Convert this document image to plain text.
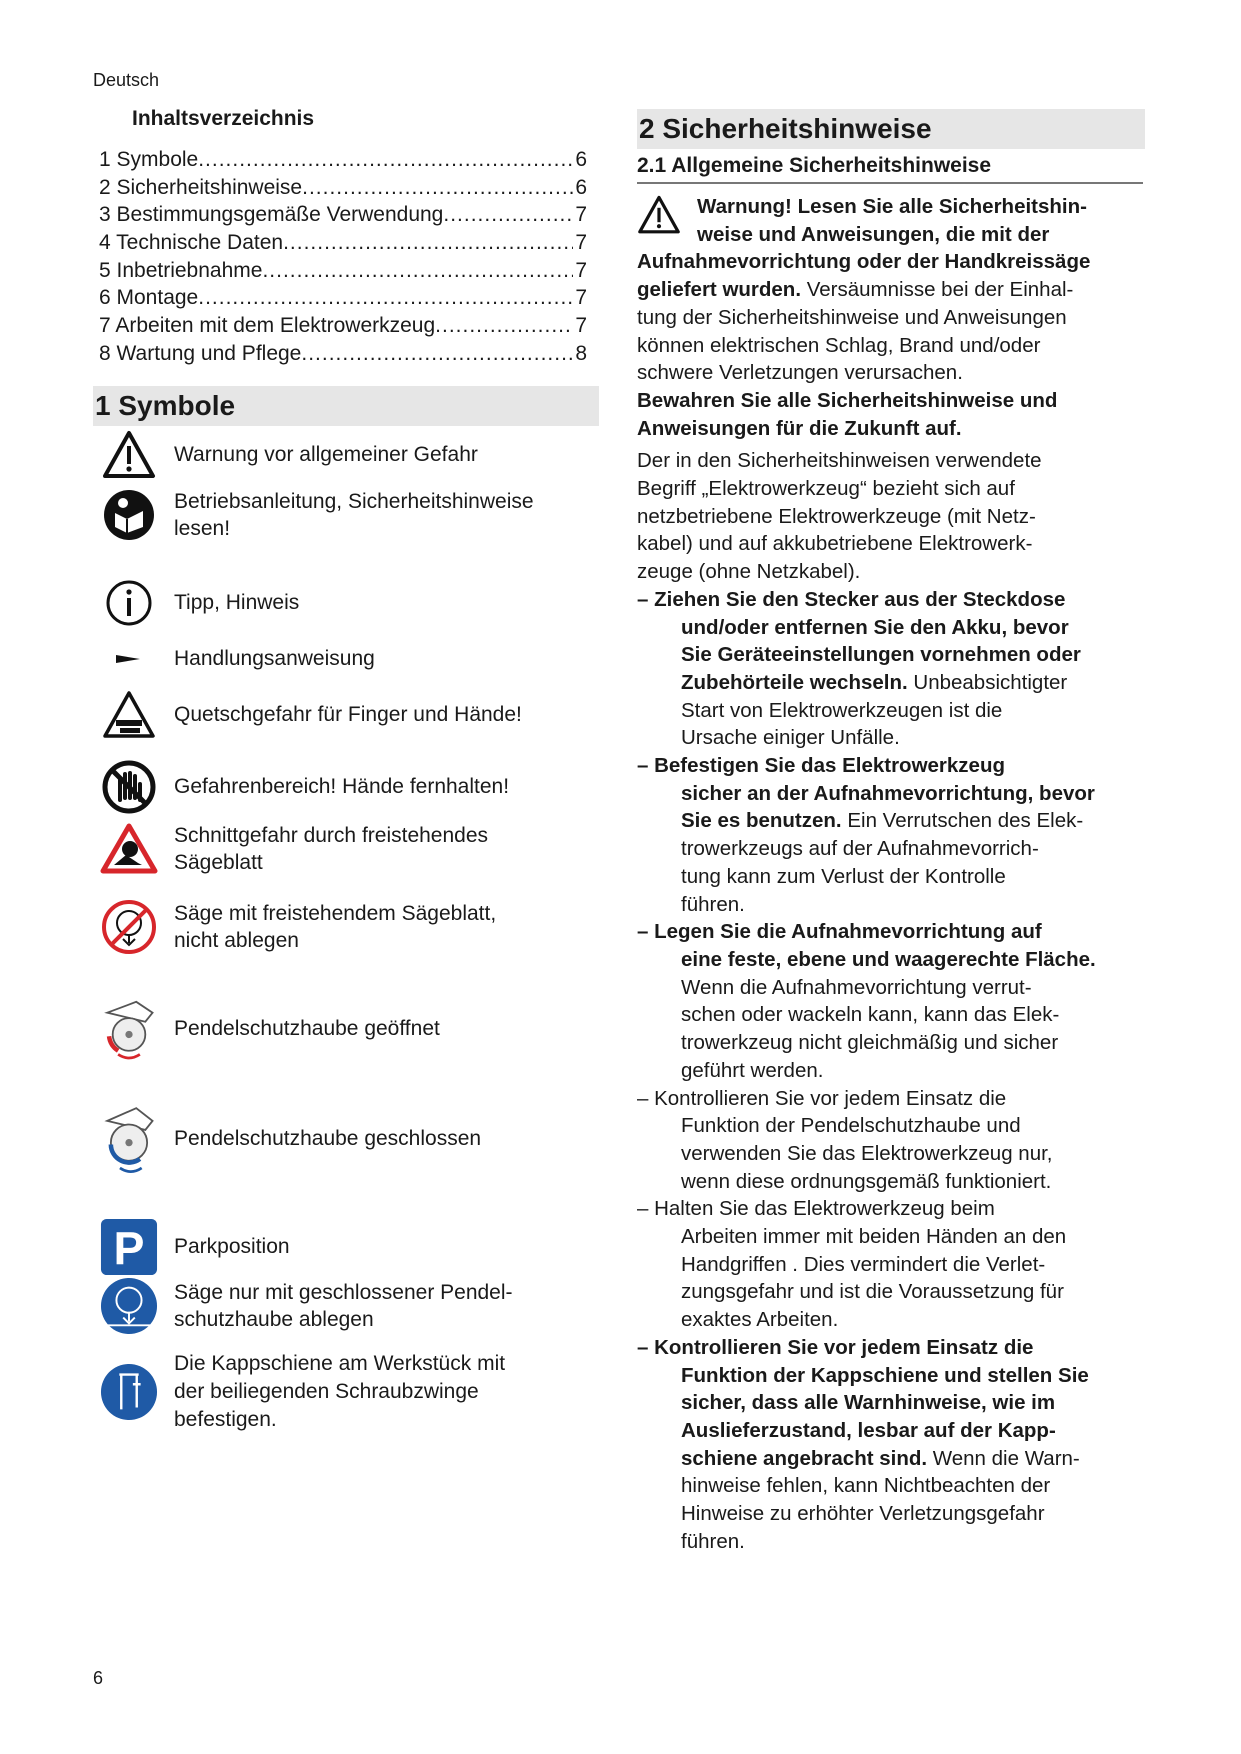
Deutsch
Inhaltsverzeichnis
1 Symbole .....	6
2 Sicherheitshinweise .....	6
3 Bestimmungsgemäße Verwendung .....	7
4 Technische Daten .....	7
5 Inbetriebnahme .....	7
6 Montage .....	7
7 Arbeiten mit dem Elektrowerkzeug .....	7
8 Wartung und Pflege .....	8
1 Symbole
Warnung vor allgemeiner Gefahr
Betriebsanleitung, Sicherheitshinweise
lesen!
Tipp, Hinweis
Handlungsanweisung
Quetschgefahr für Finger und Hände!
Gefahrenbereich! Hände fernhalten!
Schnittgefahr durch freistehendes
Sägeblatt
Säge mit freistehendem Sägeblatt,
nicht ablegen
Pendelschutzhaube geöffnet
Pendelschutzhaube geschlossen
P Parkposition
Säge nur mit geschlossener Pendel-
schutzhaube ablegen
Die Kappschiene am Werkstück mit
der beiliegenden Schraubzwinge
befestigen.
2 Sicherheitshinweise
2.1 Allgemeine Sicherheitshinweise
Warnung! Lesen Sie alle Sicherheitshin-
weise und Anweisungen, die mit der
Aufnahmevorrichtung oder der Handkreissäge
geliefert wurden. Versäumnisse bei der Einhal-
tung der Sicherheitshinweise und Anweisungen
können elektrischen Schlag, Brand und/oder
schwere Verletzungen verursachen.
Bewahren Sie alle Sicherheitshinweise und
Anweisungen für die Zukunft auf.
Der in den Sicherheitshinweisen verwendete
Begriff „Elektrowerkzeug“ bezieht sich auf
netzbetriebene Elektrowerkzeuge (mit Netz-
kabel) und auf akkubetriebene Elektrowerk-
zeuge (ohne Netzkabel).
– Ziehen Sie den Stecker aus der Steckdose
und/oder entfernen Sie den Akku, bevor
Sie Geräteeinstellungen vornehmen oder
Zubehörteile wechseln. Unbeabsichtigter
Start von Elektrowerkzeugen ist die
Ursache einiger Unfälle.
– Befestigen Sie das Elektrowerkzeug
sicher an der Aufnahmevorrichtung, bevor
Sie es benutzen. Ein Verrutschen des Elek-
trowerkzeugs auf der Aufnahmevorrich-
tung kann zum Verlust der Kontrolle
führen.
– Legen Sie die Aufnahmevorrichtung auf
eine feste, ebene und waagerechte Fläche.
Wenn die Aufnahmevorrichtung verrut-
schen oder wackeln kann, kann das Elek-
trowerkzeug nicht gleichmäßig und sicher
geführt werden.
– Kontrollieren Sie vor jedem Einsatz die
Funktion der Pendelschutzhaube und
verwenden Sie das Elektrowerkzeug nur,
wenn diese ordnungsgemäß funktioniert.
– Halten Sie das Elektrowerkzeug beim
Arbeiten immer mit beiden Händen an den
Handgriffen . Dies vermindert die Verlet-
zungsgefahr und ist die Voraussetzung für
exaktes Arbeiten.
– Kontrollieren Sie vor jedem Einsatz die
Funktion der Kappschiene und stellen Sie
sicher, dass alle Warnhinweise, wie im
Auslieferzustand, lesbar auf der Kapp-
schiene angebracht sind. Wenn die Warn-
hinweise fehlen, kann Nichtbeachten der
Hinweise zu erhöhter Verletzungsgefahr
führen.
6
